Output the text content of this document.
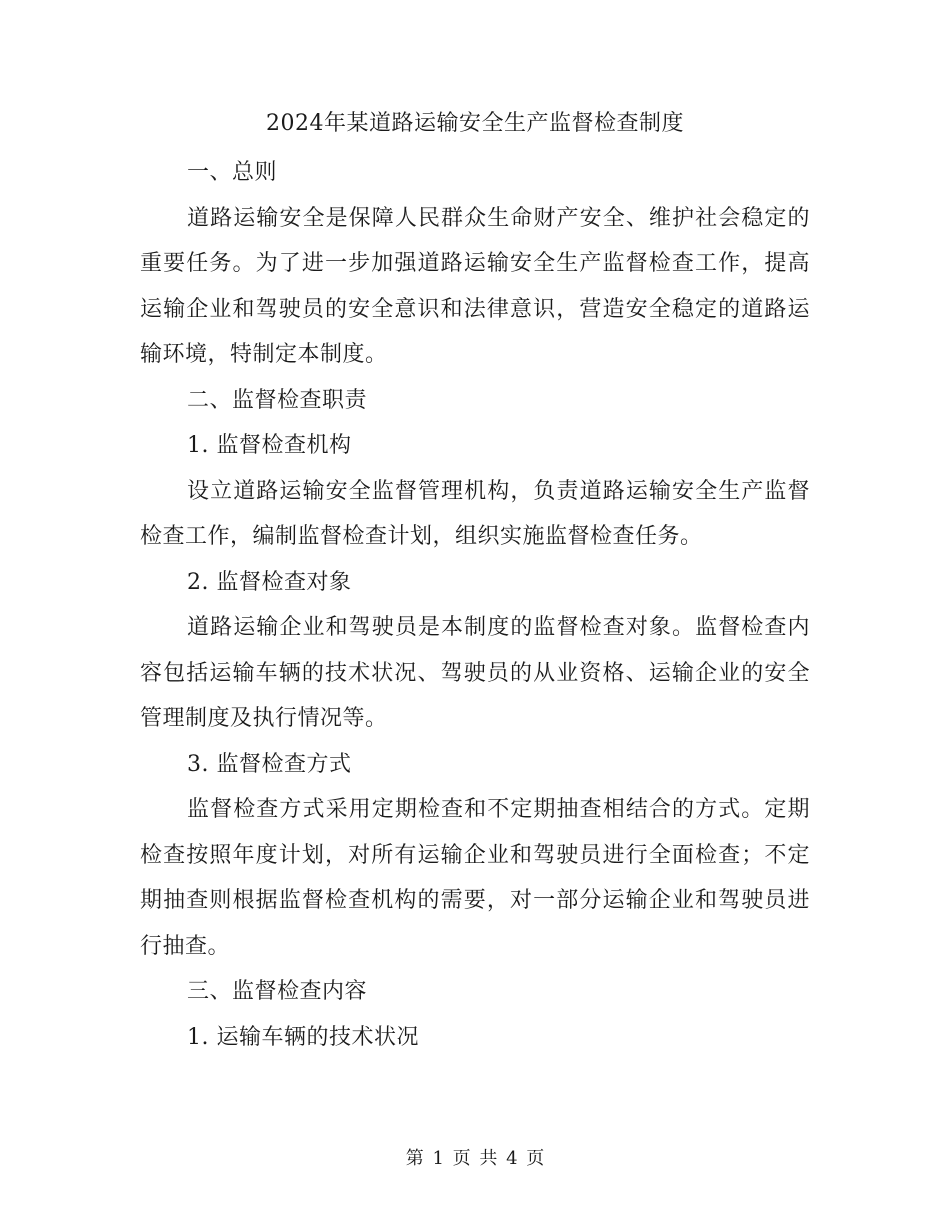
2024年某道路运输安全生产监督检查制度

一、总则

道路运输安全是保障人民群众生命财产安全、维护社会稳定的重要任务。为了进一步加强道路运输安全生产监督检查工作，提高运输企业和驾驶员的安全意识和法律意识，营造安全稳定的道路运输环境，特制定本制度。

二、监督检查职责

1. 监督检查机构

设立道路运输安全监督管理机构，负责道路运输安全生产监督检查工作，编制监督检查计划，组织实施监督检查任务。

2. 监督检查对象

道路运输企业和驾驶员是本制度的监督检查对象。监督检查内容包括运输车辆的技术状况、驾驶员的从业资格、运输企业的安全管理制度及执行情况等。

3. 监督检查方式

监督检查方式采用定期检查和不定期抽查相结合的方式。定期检查按照年度计划，对所有运输企业和驾驶员进行全面检查；不定期抽查则根据监督检查机构的需要，对一部分运输企业和驾驶员进行抽查。

三、监督检查内容

1. 运输车辆的技术状况

第 1 页 共 4 页
